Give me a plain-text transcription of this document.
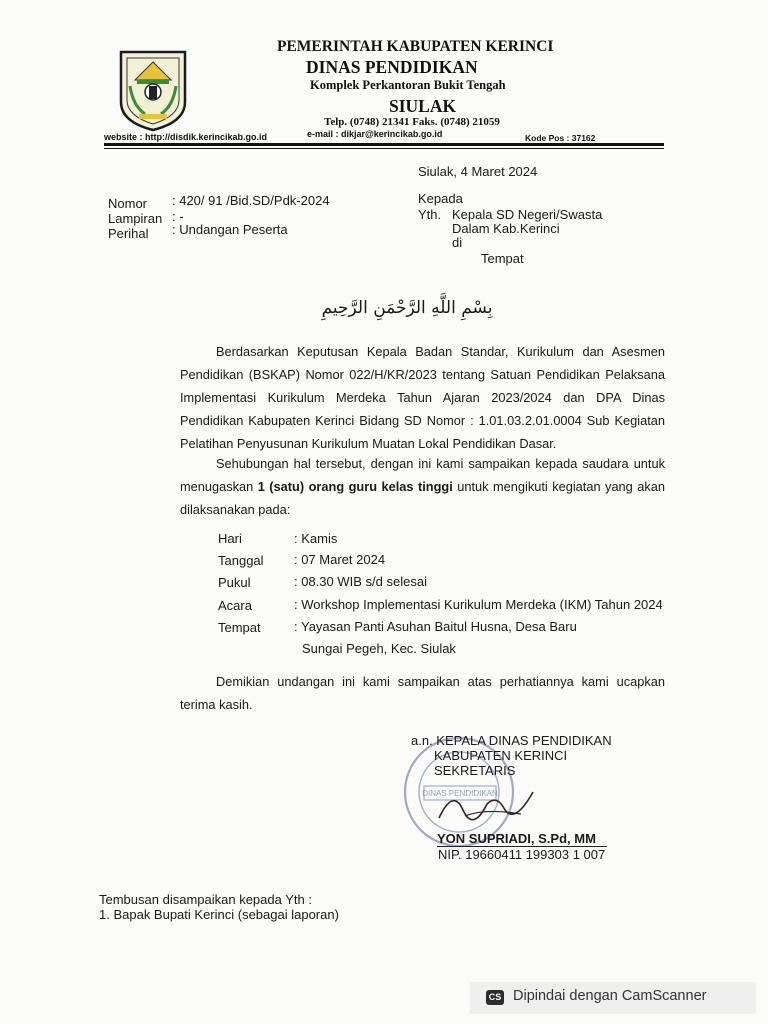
PEMERINTAH KABUPATEN KERINCI
DINAS PENDIDIKAN
Komplek Perkantoran Bukit Tengah
SIULAK
Telp. (0748) 21341 Faks. (0748) 21059
website : http://disdik.kerincikab.go.id	e-mail : dikjar@kerincikab.go.id	Kode Pos : 37162
Siulak, 4 Maret 2024
Nomor : 420/ 91 /Bid.SD/Pdk-2024
Lampiran : -
Perihal : Undangan Peserta
Kepada
Yth. Kepala SD Negeri/Swasta
Dalam Kab.Kerinci
di
Tempat
بِسْمِ اللَّهِ الرَّحْمَنِ الرَّحِيمِ
Berdasarkan Keputusan Kepala Badan Standar, Kurikulum dan Asesmen Pendidikan (BSKAP) Nomor 022/H/KR/2023 tentang Satuan Pendidikan Pelaksana Implementasi Kurikulum Merdeka Tahun Ajaran 2023/2024 dan DPA Dinas Pendidikan Kabupaten Kerinci Bidang SD Nomor : 1.01.03.2.01.0004 Sub Kegiatan Pelatihan Penyusunan Kurikulum Muatan Lokal Pendidikan Dasar.
Sehubungan hal tersebut, dengan ini kami sampaikan kepada saudara untuk menugaskan 1 (satu) orang guru kelas tinggi untuk mengikuti kegiatan yang akan dilaksanakan pada:
Hari	: Kamis
Tanggal : 07 Maret 2024
Pukul	: 08.30 WIB s/d selesai
Acara	: Workshop Implementasi Kurikulum Merdeka (IKM) Tahun 2024
Tempat	: Yayasan Panti Asuhan Baitul Husna, Desa Baru
Sungai Pegeh, Kec. Siulak
Demikian undangan ini kami sampaikan atas perhatiannya kami ucapkan terima kasih.
DINAS PENDIDIKAN
a.n. KEPALA DINAS PENDIDIKAN
KABUPATEN KERINCI
SEKRETARIS
YON SUPRIADI, S.Pd, MM
NIP. 19660411 199303 1 007
Tembusan disampaikan kepada Yth :
1. Bapak Bupati Kerinci (sebagai laporan)
CS Dipindai dengan CamScanner
